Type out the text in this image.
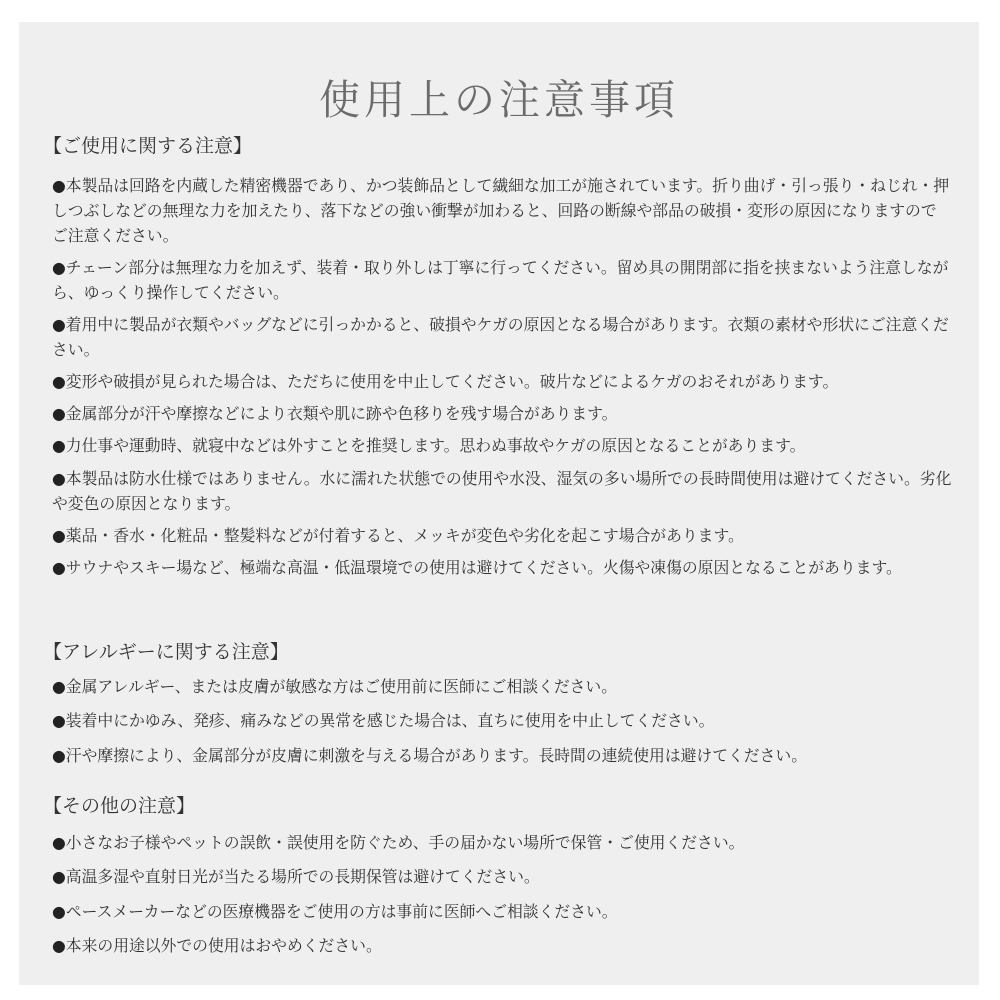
使用上の注意事項
【ご使用に関する注意】

●本製品は回路を内蔵した精密機器であり、かつ装飾品として繊細な加工が施されています。折り曲げ・引っ張り・ねじれ・押しつぶしなどの無理な力を加えたり、落下などの強い衝撃が加わると、回路の断線や部品の破損・変形の原因になりますのでご注意ください。

●チェーン部分は無理な力を加えず、装着・取り外しは丁寧に行ってください。留め具の開閉部に指を挟まないよう注意しながら、ゆっくり操作してください。

●着用中に製品が衣類やバッグなどに引っかかると、破損やケガの原因となる場合があります。衣類の素材や形状にご注意ください。

●変形や破損が見られた場合は、ただちに使用を中止してください。破片などによるケガのおそれがあります。

●金属部分が汗や摩擦などにより衣類や肌に跡や色移りを残す場合があります。

●力仕事や運動時、就寝中などは外すことを推奨します。思わぬ事故やケガの原因となることがあります。

●本製品は防水仕様ではありません。水に濡れた状態での使用や水没、湿気の多い場所での長時間使用は避けてください。劣化や変色の原因となります。

●薬品・香水・化粧品・整髪料などが付着すると、メッキが変色や劣化を起こす場合があります。

●サウナやスキー場など、極端な高温・低温環境での使用は避けてください。火傷や凍傷の原因となることがあります。

【アレルギーに関する注意】

●金属アレルギー、または皮膚が敏感な方はご使用前に医師にご相談ください。

●装着中にかゆみ、発疹、痛みなどの異常を感じた場合は、直ちに使用を中止してください。

●汗や摩擦により、金属部分が皮膚に刺激を与える場合があります。長時間の連続使用は避けてください。

【その他の注意】

●小さなお子様やペットの誤飲・誤使用を防ぐため、手の届かない場所で保管・ご使用ください。

●高温多湿や直射日光が当たる場所での長期保管は避けてください。

●ペースメーカーなどの医療機器をご使用の方は事前に医師へご相談ください。

●本来の用途以外での使用はおやめください。
